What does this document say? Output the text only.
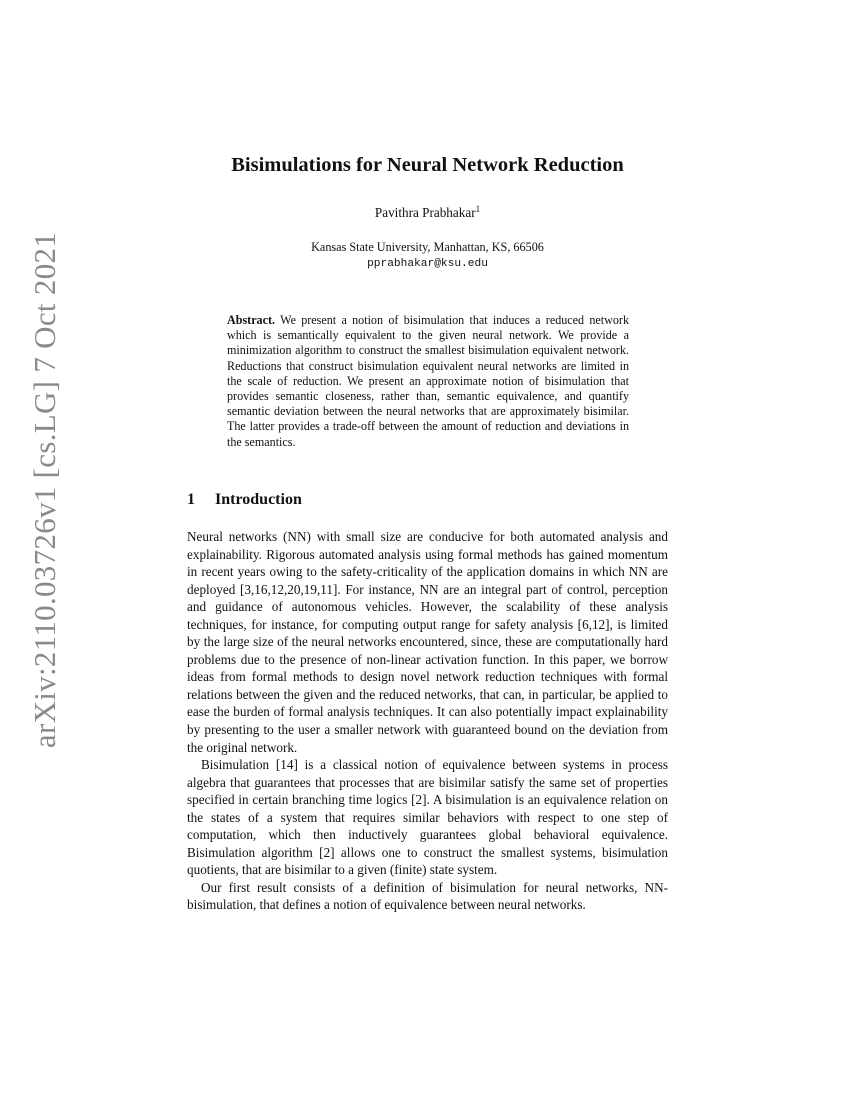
arXiv:2110.03726v1 [cs.LG] 7 Oct 2021
Bisimulations for Neural Network Reduction
Pavithra Prabhakar$^1$
Kansas State University, Manhattan, KS, 66506
pprabhakar@ksu.edu

Abstract. We present a notion of bisimulation that induces a reduced network which is semantically equivalent to the given neural network. We provide a minimization algorithm to construct the smallest bisimulation equivalent network. Reductions that construct bisimulation equivalent neural networks are limited in the scale of reduction. We present an approximate notion of bisimulation that provides semantic closeness, rather than, semantic equivalence, and quantify semantic deviation between the neural networks that are approximately bisimilar. The latter provides a trade-off between the amount of reduction and deviations in the semantics.

1 Introduction

Neural networks (NN) with small size are conducive for both automated analysis and explainability. Rigorous automated analysis using formal methods has gained momentum in recent years owing to the safety-criticality of the application domains in which NN are deployed [3,16,12,20,19,11]. For instance, NN are an integral part of control, perception and guidance of autonomous vehicles. However, the scalability of these analysis techniques, for instance, for computing output range for safety analysis [6,12], is limited by the large size of the neural networks encountered, since, these are computationally hard problems due to the presence of non-linear activation function. In this paper, we borrow ideas from formal methods to design novel network reduction techniques with formal relations between the given and the reduced networks, that can, in particular, be applied to ease the burden of formal analysis techniques. It can also potentially impact explainability by presenting to the user a smaller network with guaranteed bound on the deviation from the original network.

Bisimulation [14] is a classical notion of equivalence between systems in process algebra that guarantees that processes that are bisimilar satisfy the same set of properties specified in certain branching time logics [2]. A bisimulation is an equivalence relation on the states of a system that requires similar behaviors with respect to one step of computation, which then inductively guarantees global behavioral equivalence. Bisimulation algorithm [2] allows one to construct the smallest systems, bisimulation quotients, that are bisimilar to a given (finite) state system.

Our first result consists of a definition of bisimulation for neural networks, NN-bisimulation, that defines a notion of equivalence between neural networks.
